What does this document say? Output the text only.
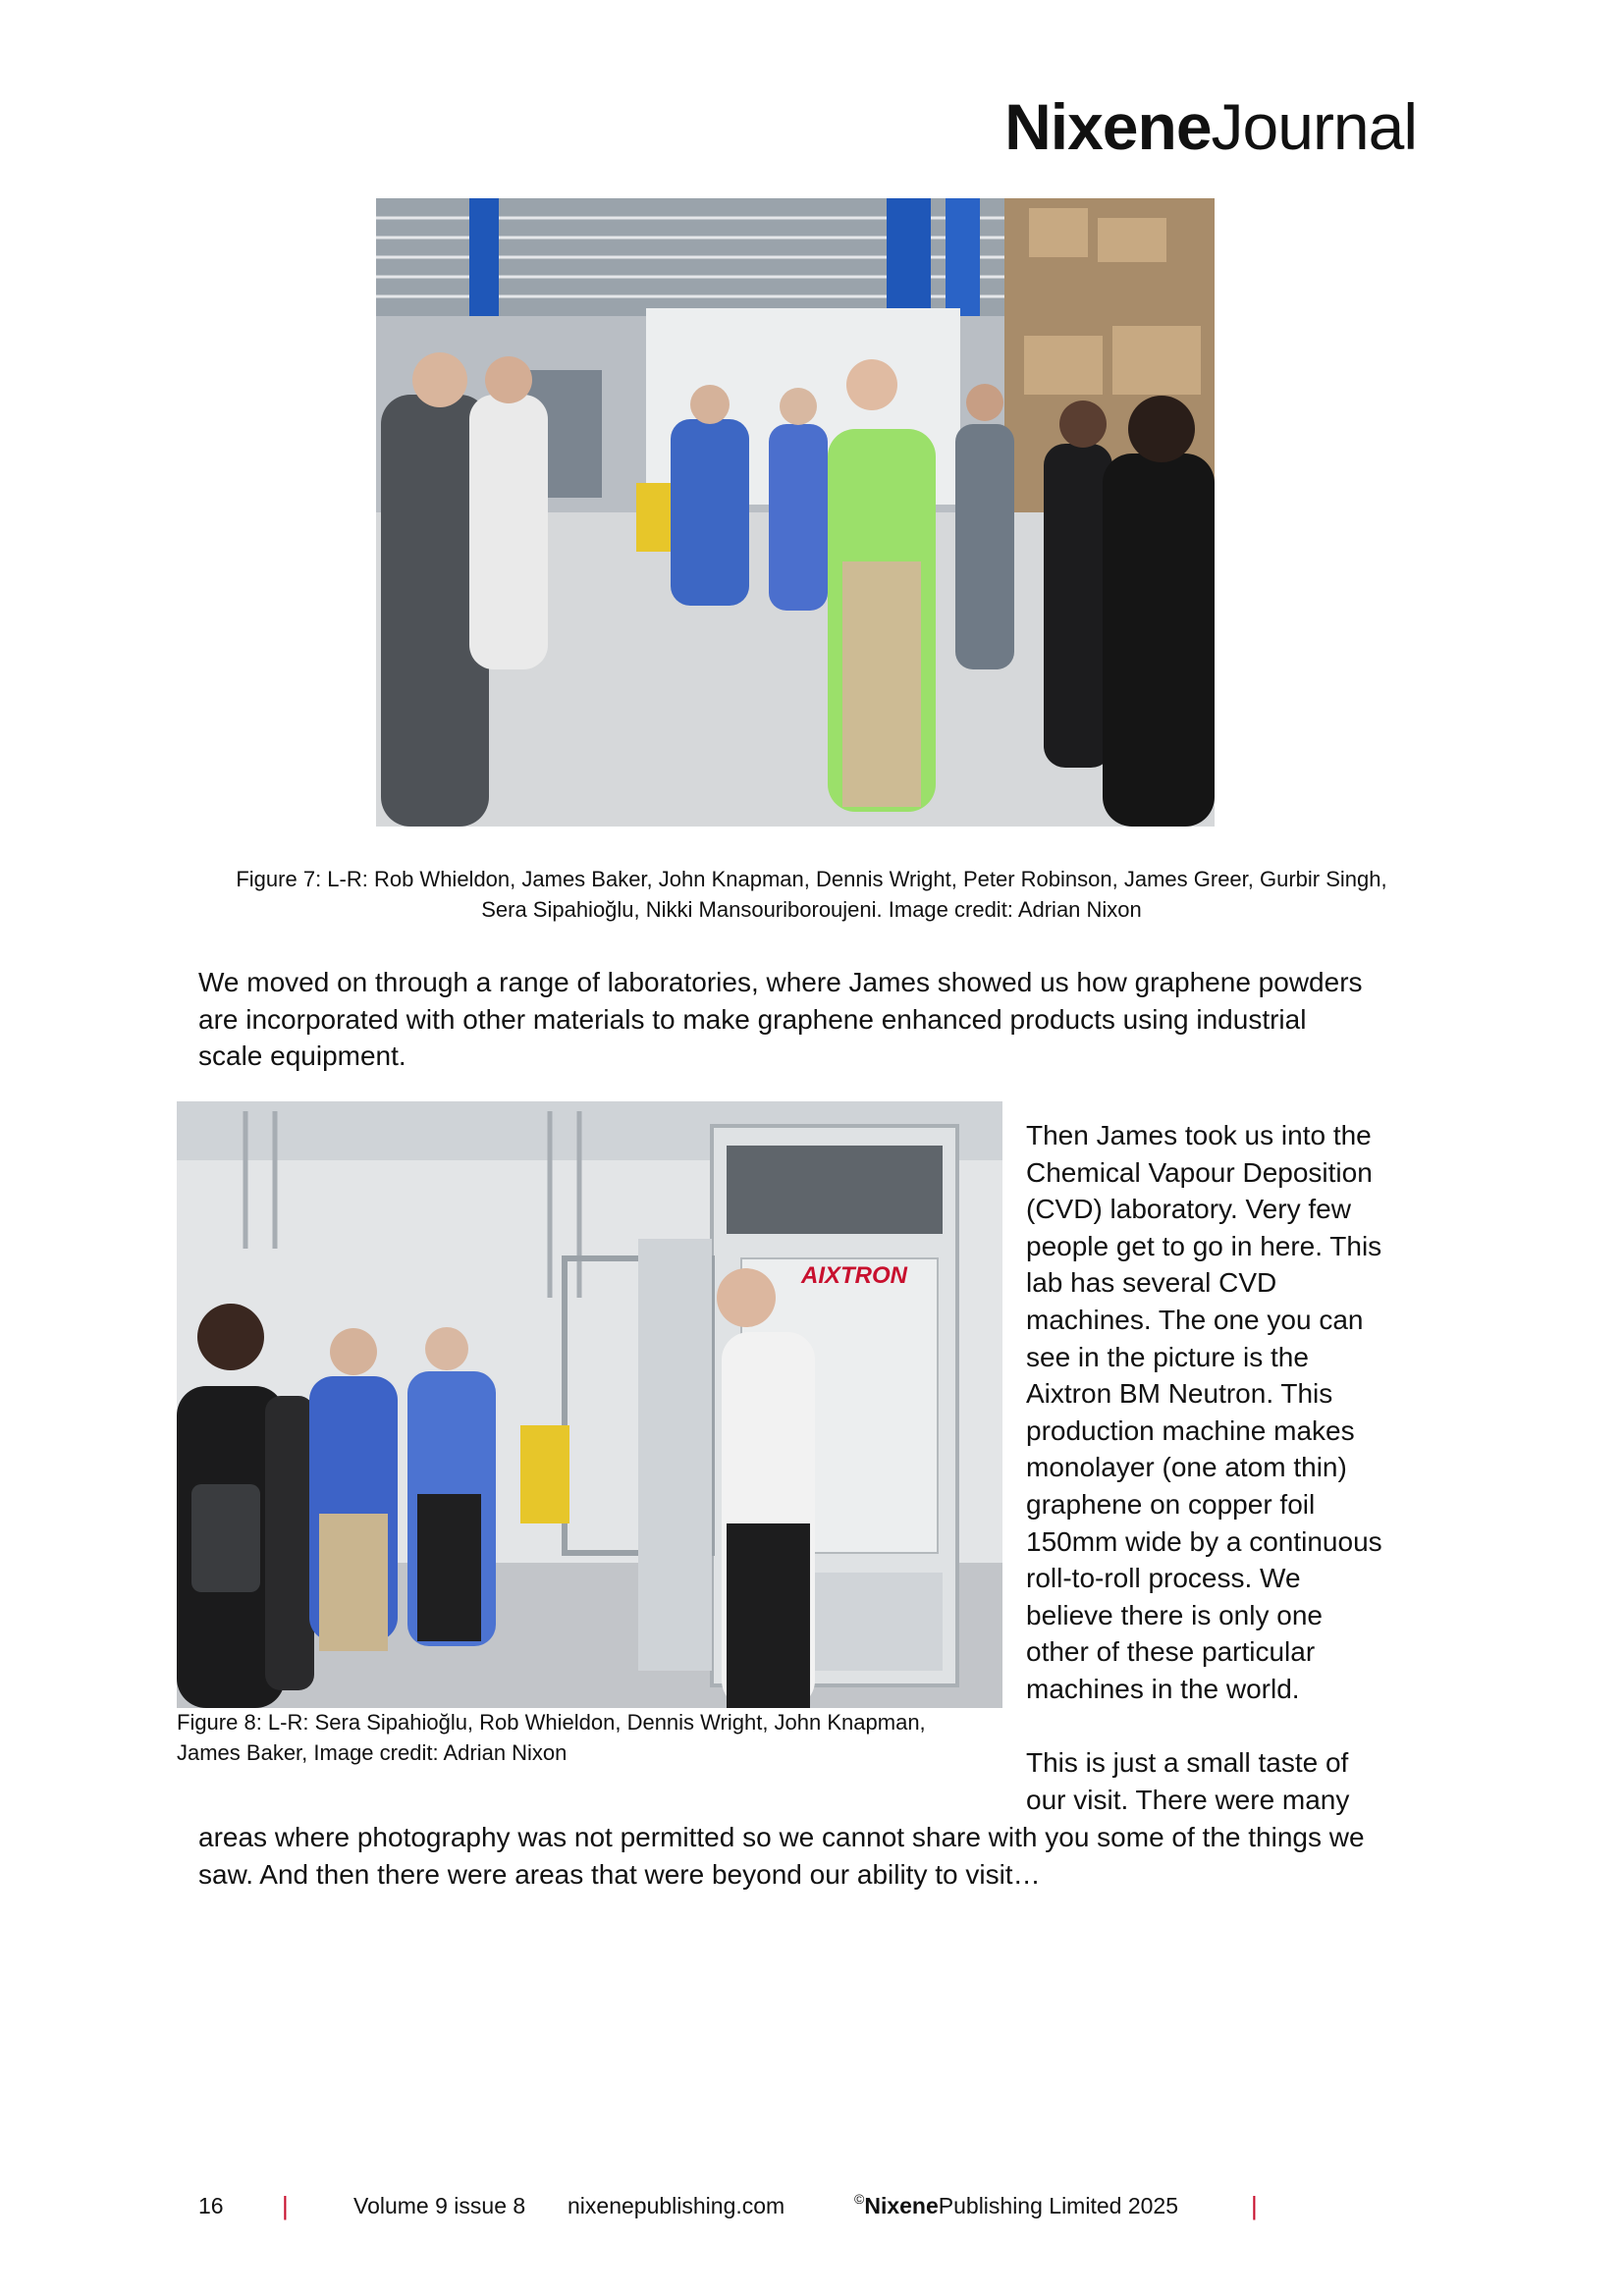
NixeneJournal
Figure 7: L-R: Rob Whieldon, James Baker, John Knapman, Dennis Wright, Peter Robinson, James Greer, Gurbir Singh,
Sera Sipahioğlu, Nikki Mansouriboroujeni. Image credit: Adrian Nixon
We moved on through a range of laboratories, where James showed us how graphene powders
are incorporated with other materials to make graphene enhanced products using industrial
scale equipment.
AIXTRON
Figure 8: L-R: Sera Sipahioğlu, Rob Whieldon, Dennis Wright, John Knapman,
James Baker, Image credit: Adrian Nixon
Then James took us into the
Chemical Vapour Deposition
(CVD) laboratory. Very few
people get to go in here. This
lab has several CVD
machines. The one you can
see in the picture is the
Aixtron BM Neutron. This
production machine makes
monolayer (one atom thin)
graphene on copper foil
150mm wide by a continuous
roll-to-roll process. We
believe there is only one
other of these particular
machines in the world.
This is just a small taste of
our visit. There were many
areas where photography was not permitted so we cannot share with you some of the things we
saw. And then there were areas that were beyond our ability to visit…
16 |	Volume 9 issue 8 nixenepublishing.com	©NixenePublishing Limited 2025	|
